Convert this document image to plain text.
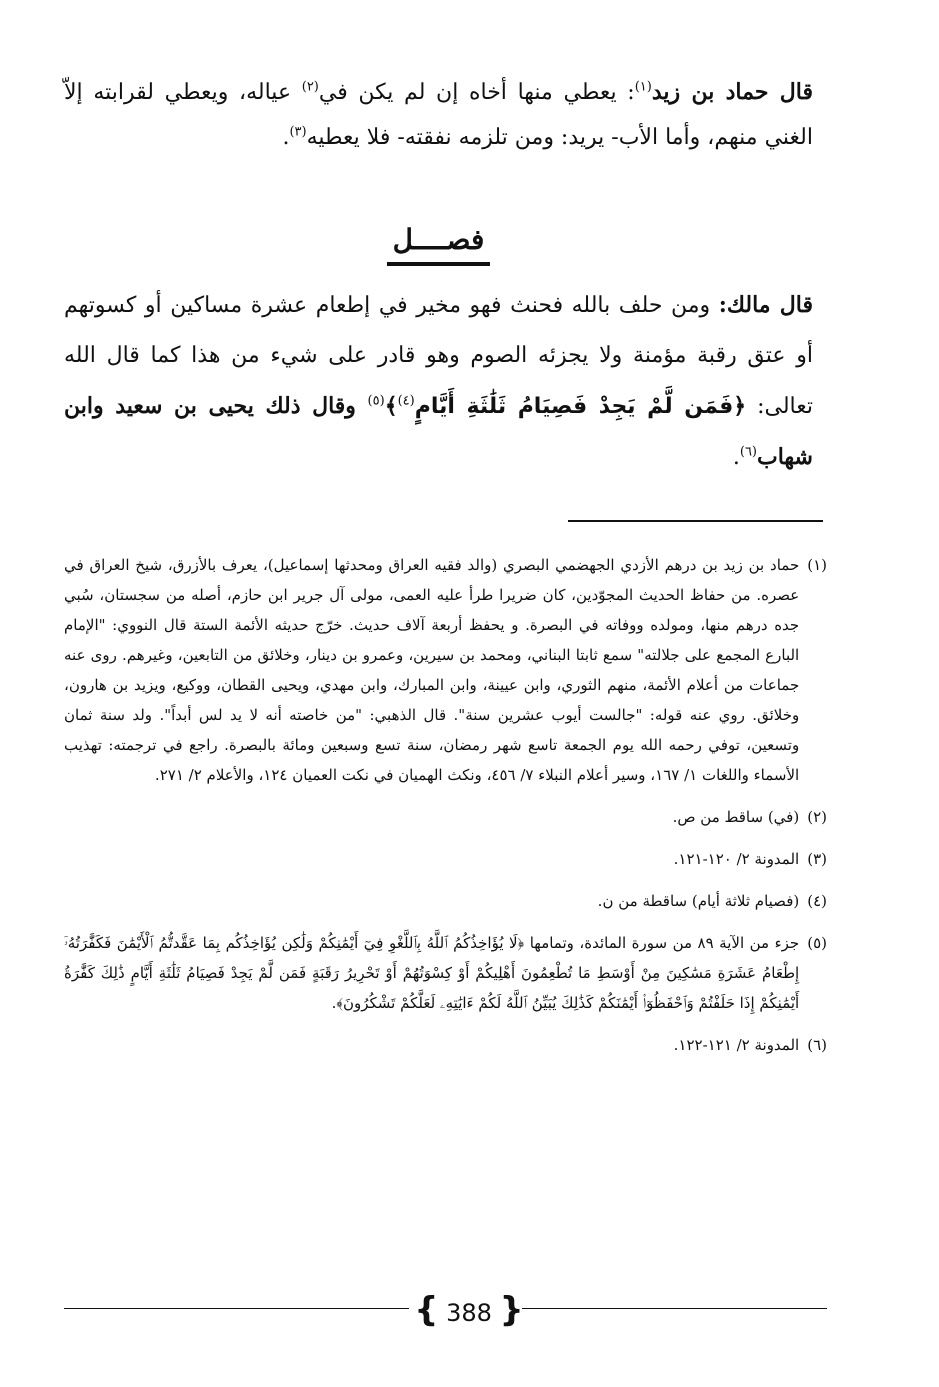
قال حماد بن زيد$^{(١)}$: يعطي منها أخاه إن لم يكن في$^{(٢)}$ عياله، ويعطي لقرابته إلاّ الغني منهم، وأما الأب- يريد: ومن تلزمه نفقته- فلا يعطيه$^{(٣)}$.

فصــــل

قال مالك: ومن حلف بالله فحنث فهو مخير في إطعام عشرة مساكين أو كسوتهم أو عتق رقبة مؤمنة ولا يجزئه الصوم وهو قادر على شيء من هذا كما قال الله تعالى: ﴿فَمَن لَّمْ يَجِدْ فَصِيَامُ ثَلَٰثَةِ أَيَّامٍ$^{(٤)}$﴾$^{(٥)}$ وقال ذلك يحيى بن سعيد وابن شهاب$^{(٦)}$.

(١)
حماد بن زيد بن درهم الأزدي الجهضمي البصري (والد فقيه العراق ومحدثها إسماعيل)، يعرف بالأزرق، شيخ العراق في عصره. من حفاظ الحديث المجوّدين، كان ضريرا طرأ عليه العمى، مولى آل جرير ابن حازم، أصله من سجستان، سُبي جده درهم منها، ومولده ووفاته في البصرة. و يحفظ أربعة آلاف حديث. خرّج حديثه الأئمة الستة قال النووي: "الإمام البارع المجمع على جلالته" سمع ثابتا البناني، ومحمد بن سيرين، وعمرو بن دينار، وخلائق من التابعين، وغيرهم. روى عنه جماعات من أعلام الأئمة، منهم الثوري، وابن عيينة، وابن المبارك، وابن مهدي، ويحيى القطان، ووكيع، ويزيد بن هارون، وخلائق. روي عنه قوله: "جالست أيوب عشرين سنة". قال الذهبي: "من خاصته أنه لا يد لس أبداً". ولد سنة ثمان وتسعين، توفي رحمه الله يوم الجمعة تاسع شهر رمضان، سنة تسع وسبعين ومائة بالبصرة. راجع في ترجمته: تهذيب الأسماء واللغات ١/ ١٦٧، وسير أعلام النبلاء ٧/ ٤٥٦، ونكث الهميان في نكت العميان ١٢٤، والأعلام ٢/ ٢٧١.
(٢)
(في) ساقط من ص.
(٣)
المدونة ٢/ ١٢٠-١٢١.
(٤)
(فصيام ثلاثة أيام) ساقطة من ن.
(٥)
جزء من الآية ٨٩ من سورة المائدة، وتمامها ﴿لَا يُؤَاخِذُكُمُ ٱللَّهُ بِٱللَّغْوِ فِيٓ أَيْمَٰنِكُمْ وَلَٰكِن يُؤَاخِذُكُم بِمَا عَقَّدتُّمُ ٱلْأَيْمَٰنَ فَكَفَّٰرَتُهُۥٓ إِطْعَامُ عَشَرَةِ مَسَٰكِينَ مِنْ أَوْسَطِ مَا تُطْعِمُونَ أَهْلِيكُمْ أَوْ كِسْوَتُهُمْ أَوْ تَحْرِيرُ رَقَبَةٍ فَمَن لَّمْ يَجِدْ فَصِيَامُ ثَلَٰثَةِ أَيَّامٍ ذَٰلِكَ كَفَّٰرَةُ أَيْمَٰنِكُمْ إِذَا حَلَفْتُمْ وَٱحْفَظُوٓا۟ أَيْمَٰنَكُمْ كَذَٰلِكَ يُبَيِّنُ ٱللَّهُ لَكُمْ ءَايَٰتِهِۦ لَعَلَّكُمْ تَشْكُرُونَ﴾.
(٦)
المدونة ٢/ ١٢١-١٢٢.
{ 388 }
